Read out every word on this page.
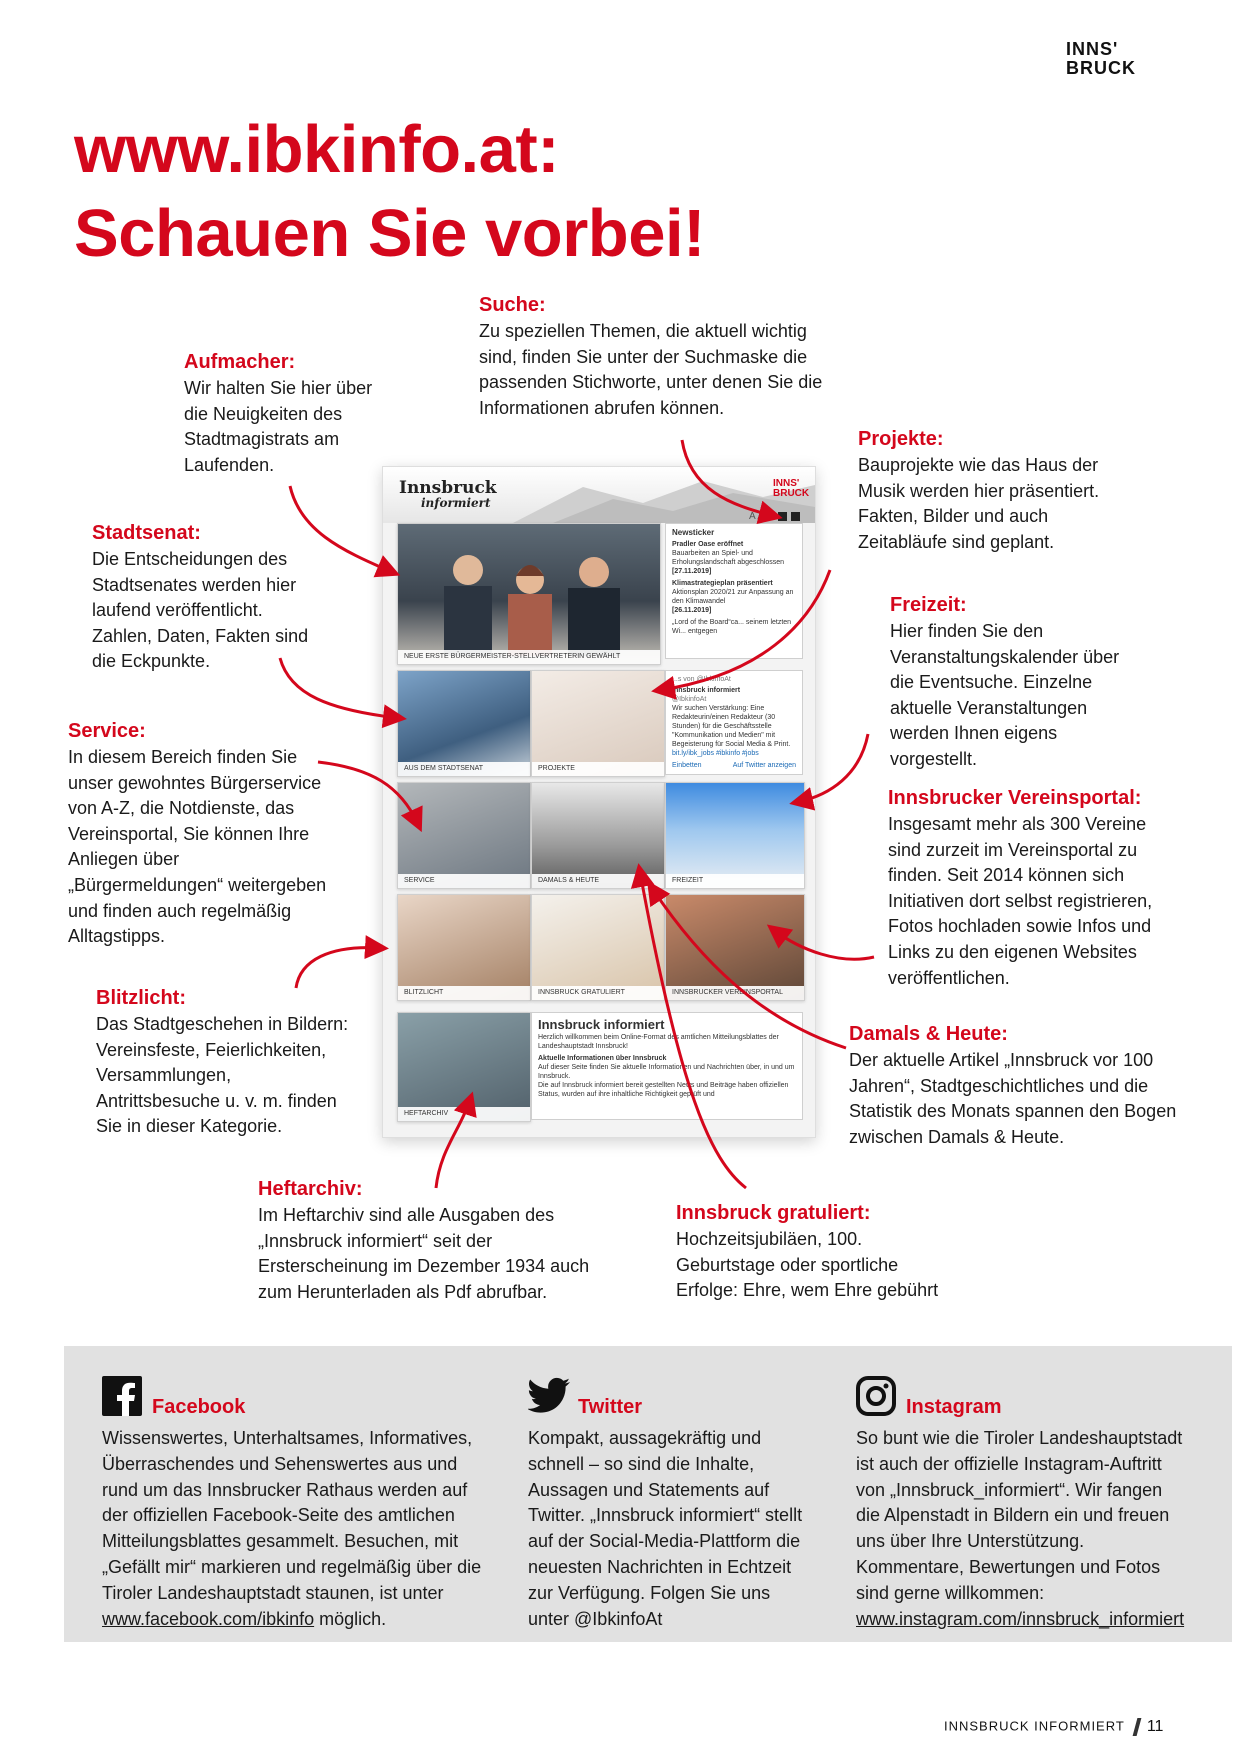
INNS'
BRUCK
www.ibkinfo.at:
Schauen Sie vorbei!
Aufmacher:
Wir halten Sie hier über die Neuigkeiten des Stadtmagistrats am Laufenden.
Suche:
Zu speziellen Themen, die aktuell wichtig sind, finden Sie unter der Suchmaske die passenden Stichworte, unter denen Sie die Informationen abrufen können.
Projekte:
Bauprojekte wie das Haus der Musik werden hier präsentiert. Fakten, Bilder und auch Zeitabläufe sind geplant.
Stadtsenat:
Die Entscheidungen des Stadtsenates werden hier laufend veröffentlicht. Zahlen, Daten, Fakten sind die Eckpunkte.
Freizeit:
Hier finden Sie den Veranstaltungskalender über die Eventsuche. Einzelne aktuelle Veranstaltungen werden Ihnen eigens vorgestellt.
Service:
In diesem Bereich finden Sie unser gewohntes Bürgerservice von A-Z, die Notdienste, das Vereinsportal, Sie können Ihre Anliegen über „Bürgermeldungen“ weitergeben und finden auch regelmäßig Alltagstipps.
Innsbrucker Vereinsportal:
Insgesamt mehr als 300 Vereine sind zurzeit im Vereinsportal zu finden. Seit 2014 können sich Initiativen dort selbst registrieren, Fotos hochladen sowie Infos und Links zu den eigenen Websites veröffentlichen.
Blitzlicht:
Das Stadtgeschehen in Bildern: Vereinsfeste, Feierlichkeiten, Versammlungen, Antrittsbesuche u. v. m. finden Sie in dieser Kategorie.
Damals & Heute:
Der aktuelle Artikel „Innsbruck vor 100 Jahren“, Stadtgeschichtliches und die Statistik des Monats spannen den Bogen zwischen Damals & Heute.
Heftarchiv:
Im Heftarchiv sind alle Ausgaben des „Innsbruck informiert“ seit der Ersterscheinung im Dezember 1934 auch zum Herunterladen als Pdf abrufbar.
Innsbruck gratuliert:
Hochzeitsjubiläen, 100. Geburtstage oder sportliche Erfolge: Ehre, wem Ehre gebührt
Innsbruck
informiert
INNS'
BRUCK
A A A
NEUE ERSTE BÜRGERMEISTER-STELLVERTRETERIN GEWÄHLT
Newsticker
Pradler Oase eröffnet
Bauarbeiten an Spiel- und Erholungslandschaft abgeschlossen
[27.11.2019]
Klimastrategieplan präsentiert
Aktionsplan 2020/21 zur Anpassung an den Klimawandel
[26.11.2019]
„Lord of the Board“ca... seinem letzten Wi... entgegen
AUS DEM STADTSENAT	PROJEKTE
...s von @IbkinfoAt
Innsbruck informiert
@IbkinfoAt
Wir suchen Verstärkung: Eine Redakteurin/einen Redakteur (30 Stunden) für die Geschäftsstelle "Kommunikation und Medien" mit Begeisterung für Social Media & Print.
bit.ly/ibk_jobs #ibkinfo #jobs
Einbetten	Auf Twitter anzeigen
SERVICE	DAMALS & HEUTE	FREIZEIT
BLITZLICHT	INNSBRUCK GRATULIERT	INNSBRUCKER VEREINSPORTAL
HEFTARCHIV
Innsbruck informiert
Herzlich willkommen beim Online-Format des amtlichen Mitteilungsblattes der Landeshauptstadt Innsbruck!
Aktuelle Informationen über Innsbruck
Auf dieser Seite finden Sie aktuelle Informationen und Nachrichten über, in und um Innsbruck.
Die auf Innsbruck informiert bereit gestellten News und Beiträge haben offiziellen Status, wurden auf ihre inhaltliche Richtigkeit geprüft und
Facebook
Wissenswertes, Unterhaltsames, Informatives, Überraschendes und Sehenswertes aus und rund um das Innsbrucker Rathaus werden auf der offiziellen Facebook-Seite des amtlichen Mitteilungsblattes gesammelt. Besuchen, mit „Gefällt mir“ markieren und regelmäßig über die Tiroler Landeshauptstadt staunen, ist unter www.facebook.com/ibkinfo möglich.
Twitter
Kompakt, aussagekräftig und schnell – so sind die Inhalte, Aussagen und Statements auf Twitter. „Innsbruck informiert“ stellt auf der Social-Media-Plattform die neuesten Nachrichten in Echtzeit zur Verfügung. Folgen Sie uns unter @IbkinfoAt
Instagram
So bunt wie die Tiroler Landeshauptstadt ist auch der offizielle Instagram-Auftritt von „Innsbruck_informiert“. Wir fangen die Alpenstadt in Bildern ein und freuen uns über Ihre Unterstützung. Kommentare, Bewertungen und Fotos sind gerne willkommen: www.instagram.com/innsbruck_informiert
INNSBRUCK INFORMIERT 11
